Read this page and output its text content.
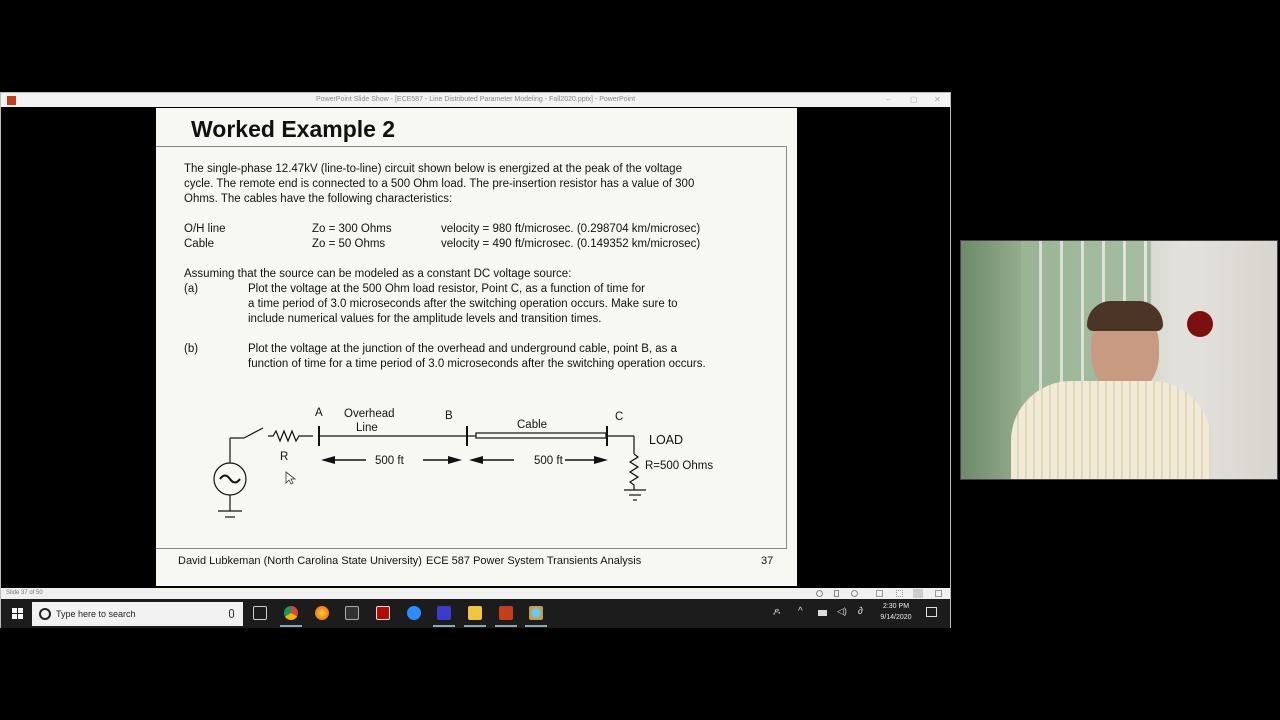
PowerPoint Slide Show - [ECE587 - Line Distributed Parameter Modeling - Fall2020.pptx] - PowerPoint	– ▢ ✕
Worked Example 2
The single-phase 12.47kV (line-to-line) circuit shown below is energized at the peak of the voltage
cycle. The remote end is connected to a 500 Ohm load. The pre-insertion resistor has a value of 300
Ohms. The cables have the following characteristics:
O/H line	Zo = 300 Ohms	velocity = 980 ft/microsec. (0.298704 km/microsec)
Cable	Zo = 50 Ohms	velocity = 490 ft/microsec. (0.149352 km/microsec)
Assuming that the source can be modeled as a constant DC voltage source:
(a)	Plot the voltage at the 500 Ohm load resistor, Point C, as a function of time for
a time period of 3.0 microseconds after the switching operation occurs. Make sure to
include numerical values for the amplitude levels and transition times.
(b)	Plot the voltage at the junction of the overhead and underground cable, point B, as a
function of time for a time period of 3.0 microseconds after the switching operation occurs.
A Overhead
Line
B
Cable
C
R	500 ft	500 ft
LOAD
R=500 Ohms
David Lubkeman (North Carolina State University) ECE 587 Power System Transients Analysis	37
Slide 37 of 50
Type here to search	ዶ ^	◁) ∂	2:30 PM
9/14/2020
